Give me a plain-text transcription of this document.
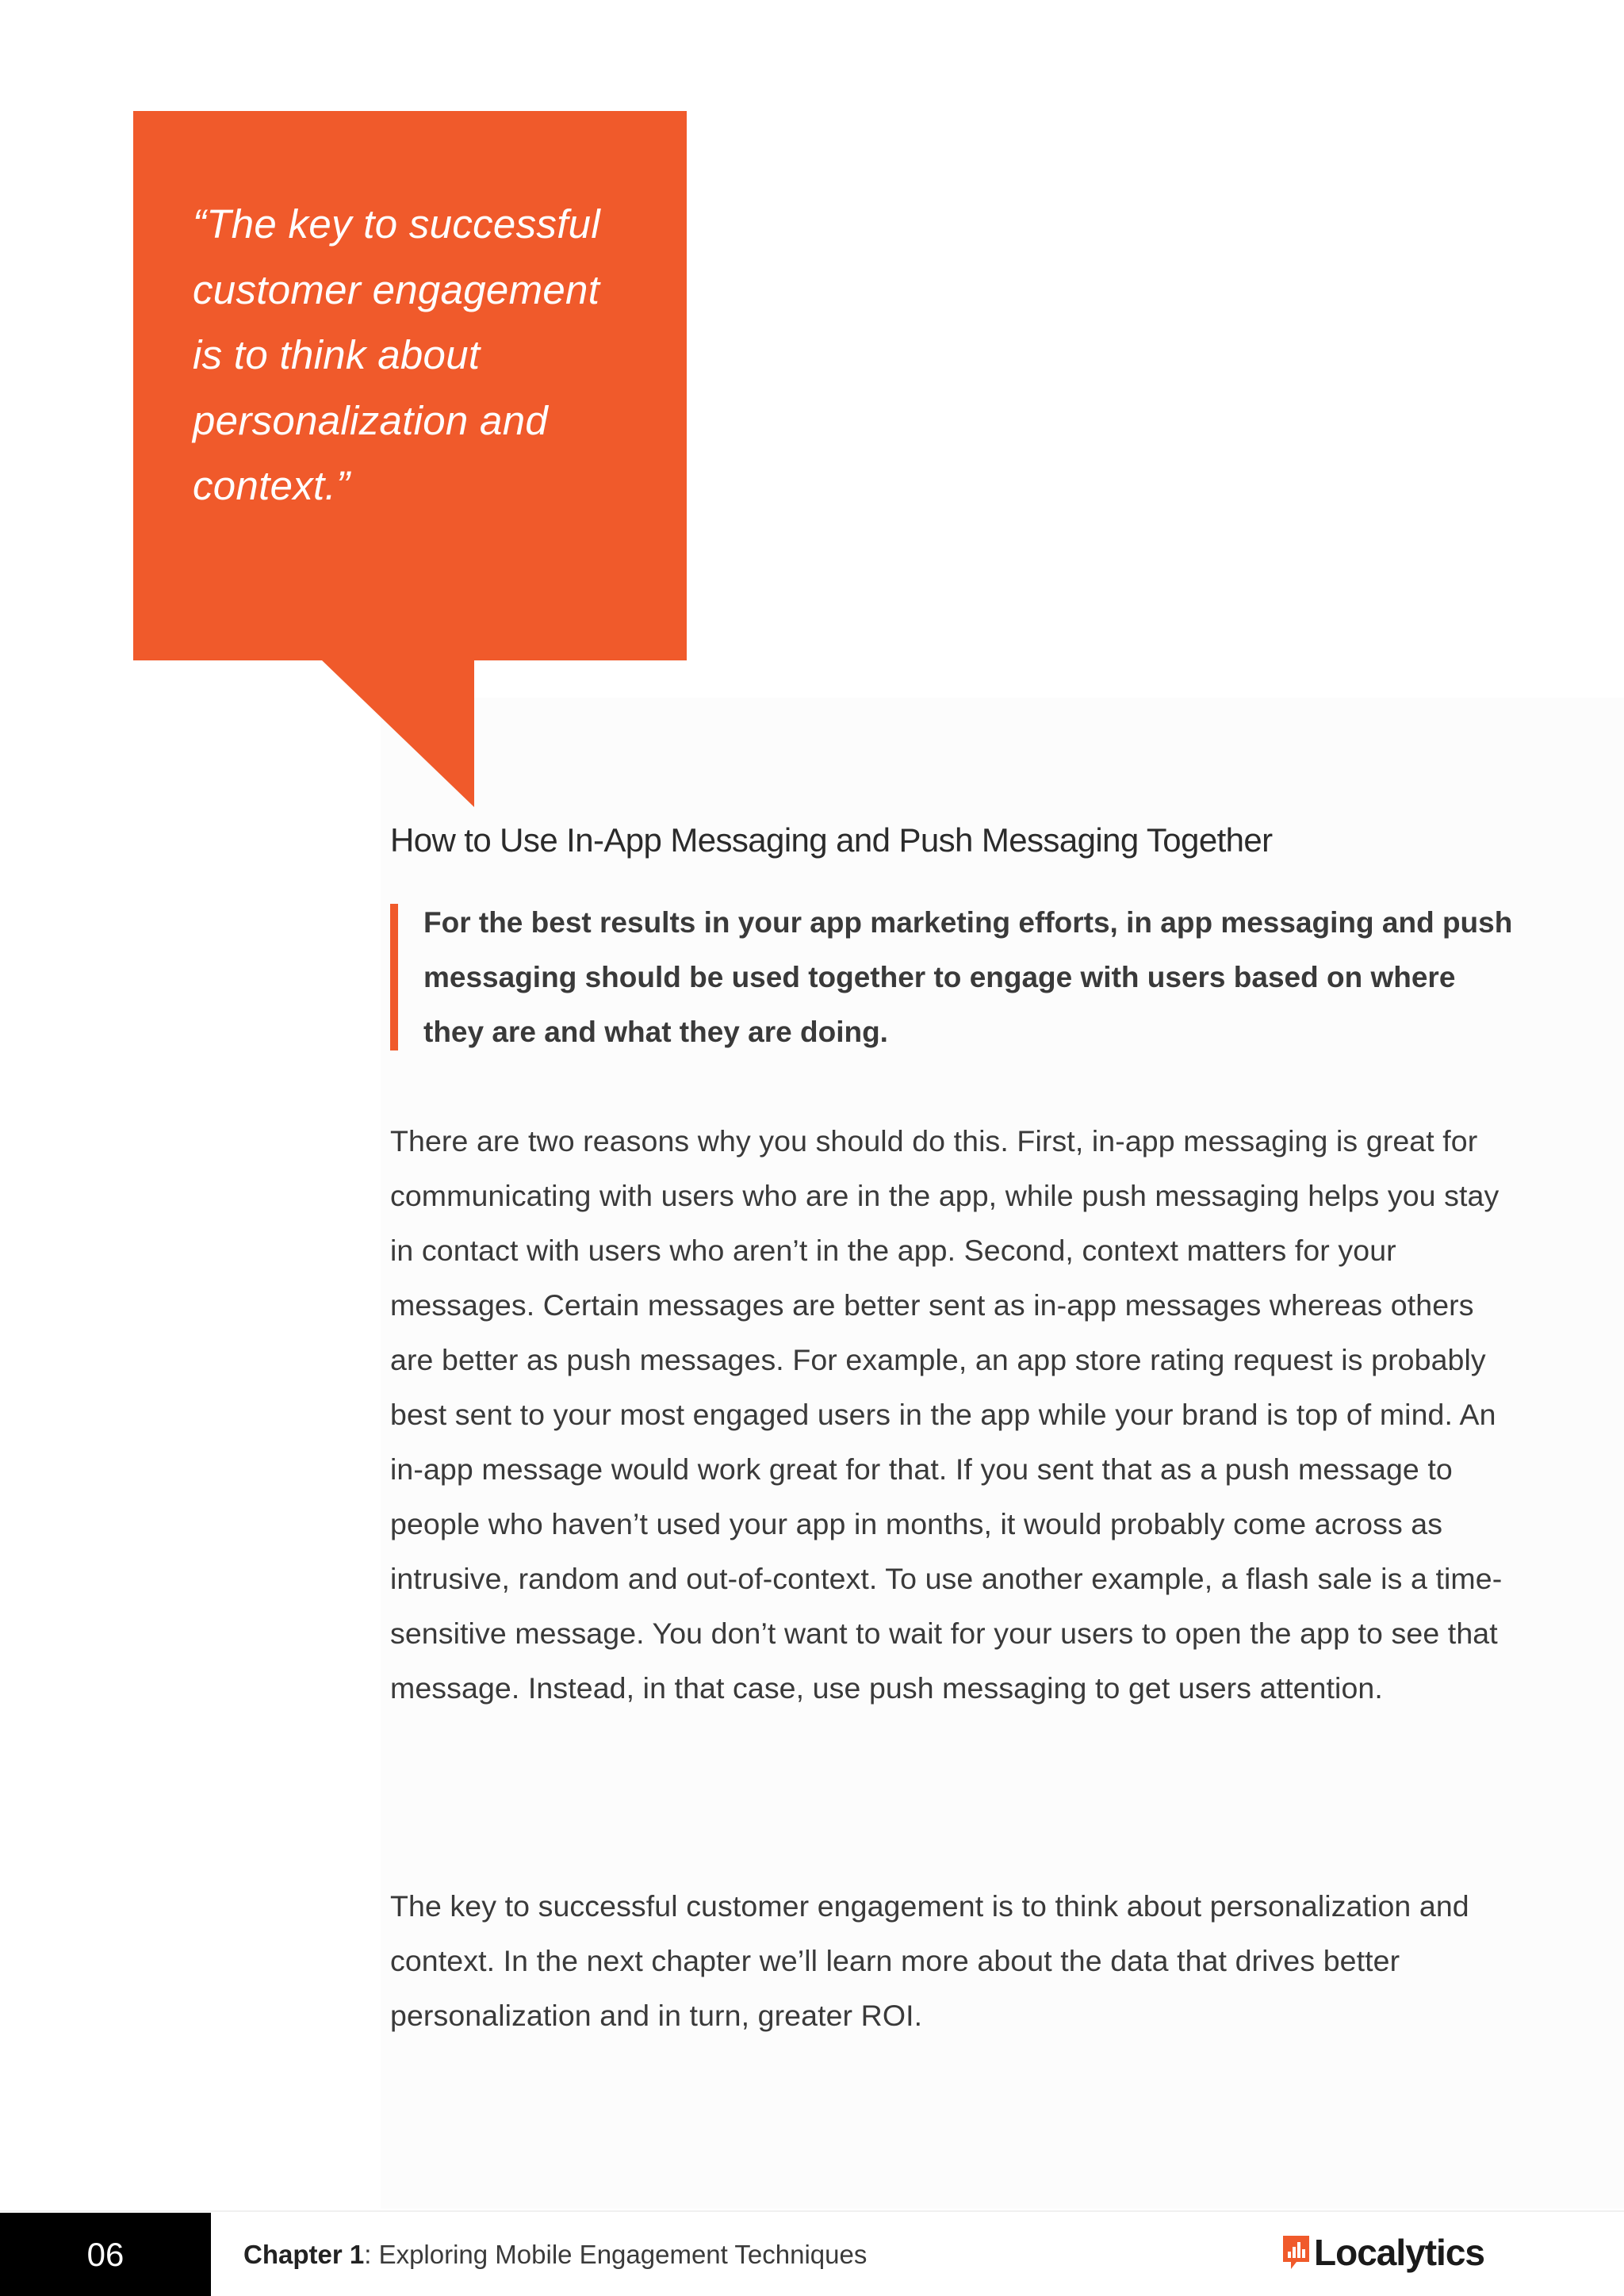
“The key to successful customer engagement is to think about personalization and context.”

How to Use In-App Messaging and Push Messaging Together

For the best results in your app marketing efforts, in app messaging and push messaging should be used together to engage with users based on where they are and what they are doing.

There are two reasons why you should do this. First, in-app messaging is great for communicating with users who are in the app, while push messaging helps you stay in contact with users who aren’t in the app. Second, context matters for your messages. Certain messages are better sent as in-app messages whereas others are better as push messages. For example, an app store rating request is probably best sent to your most engaged users in the app while your brand is top of mind. An in-app message would work great for that. If you sent that as a push message to people who haven’t used your app in months, it would probably come across as intrusive, random and out-of-context. To use another example, a flash sale is a time-sensitive message. You don’t want to wait for your users to open the app to see that message. Instead, in that case, use push messaging to get users attention.

The key to successful customer engagement is to think about personalization and context. In the next chapter we’ll learn more about the data that drives better personalization and in turn, greater ROI.

06	Chapter 1: Exploring Mobile Engagement Techniques	Localytics
